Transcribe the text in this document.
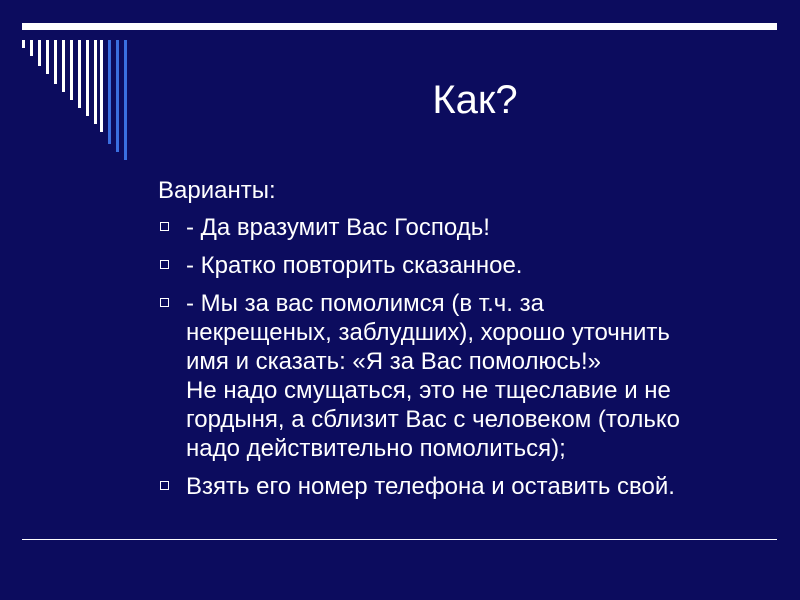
Как?
Варианты:
- Да вразумит Вас Господь!
- Кратко повторить сказанное.
- Мы за вас помолимся (в т.ч. за
некрещеных, заблудших), хорошо уточнить
имя и сказать: «Я за Вас помолюсь!»
Не надо смущаться, это не тщеславие и не
гордыня, а сблизит Вас с человеком (только
надо действительно помолиться);
Взять его номер телефона и оставить свой.
